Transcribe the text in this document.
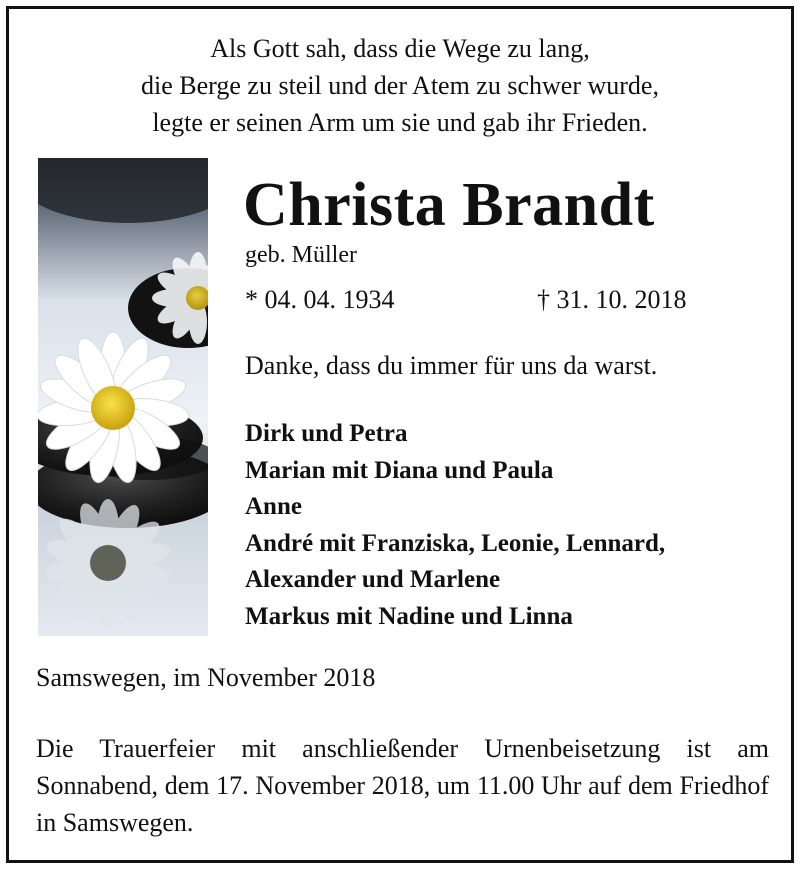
Als Gott sah, dass die Wege zu lang,
die Berge zu steil und der Atem zu schwer wurde,
legte er seinen Arm um sie und gab ihr Frieden.
Christa Brandt
geb. Müller
* 04. 04. 1934	† 31. 10. 2018
Danke, dass du immer für uns da warst.
Dirk und Petra
Marian mit Diana und Paula
Anne
André mit Franziska, Leonie, Lennard,
Alexander und Marlene
Markus mit Nadine und Linna
Samswegen, im November 2018
Die Trauerfeier mit anschließender Urnenbeisetzung ist am Sonnabend, dem 17. November 2018, um 11.00 Uhr auf dem Friedhof in Samswegen.
